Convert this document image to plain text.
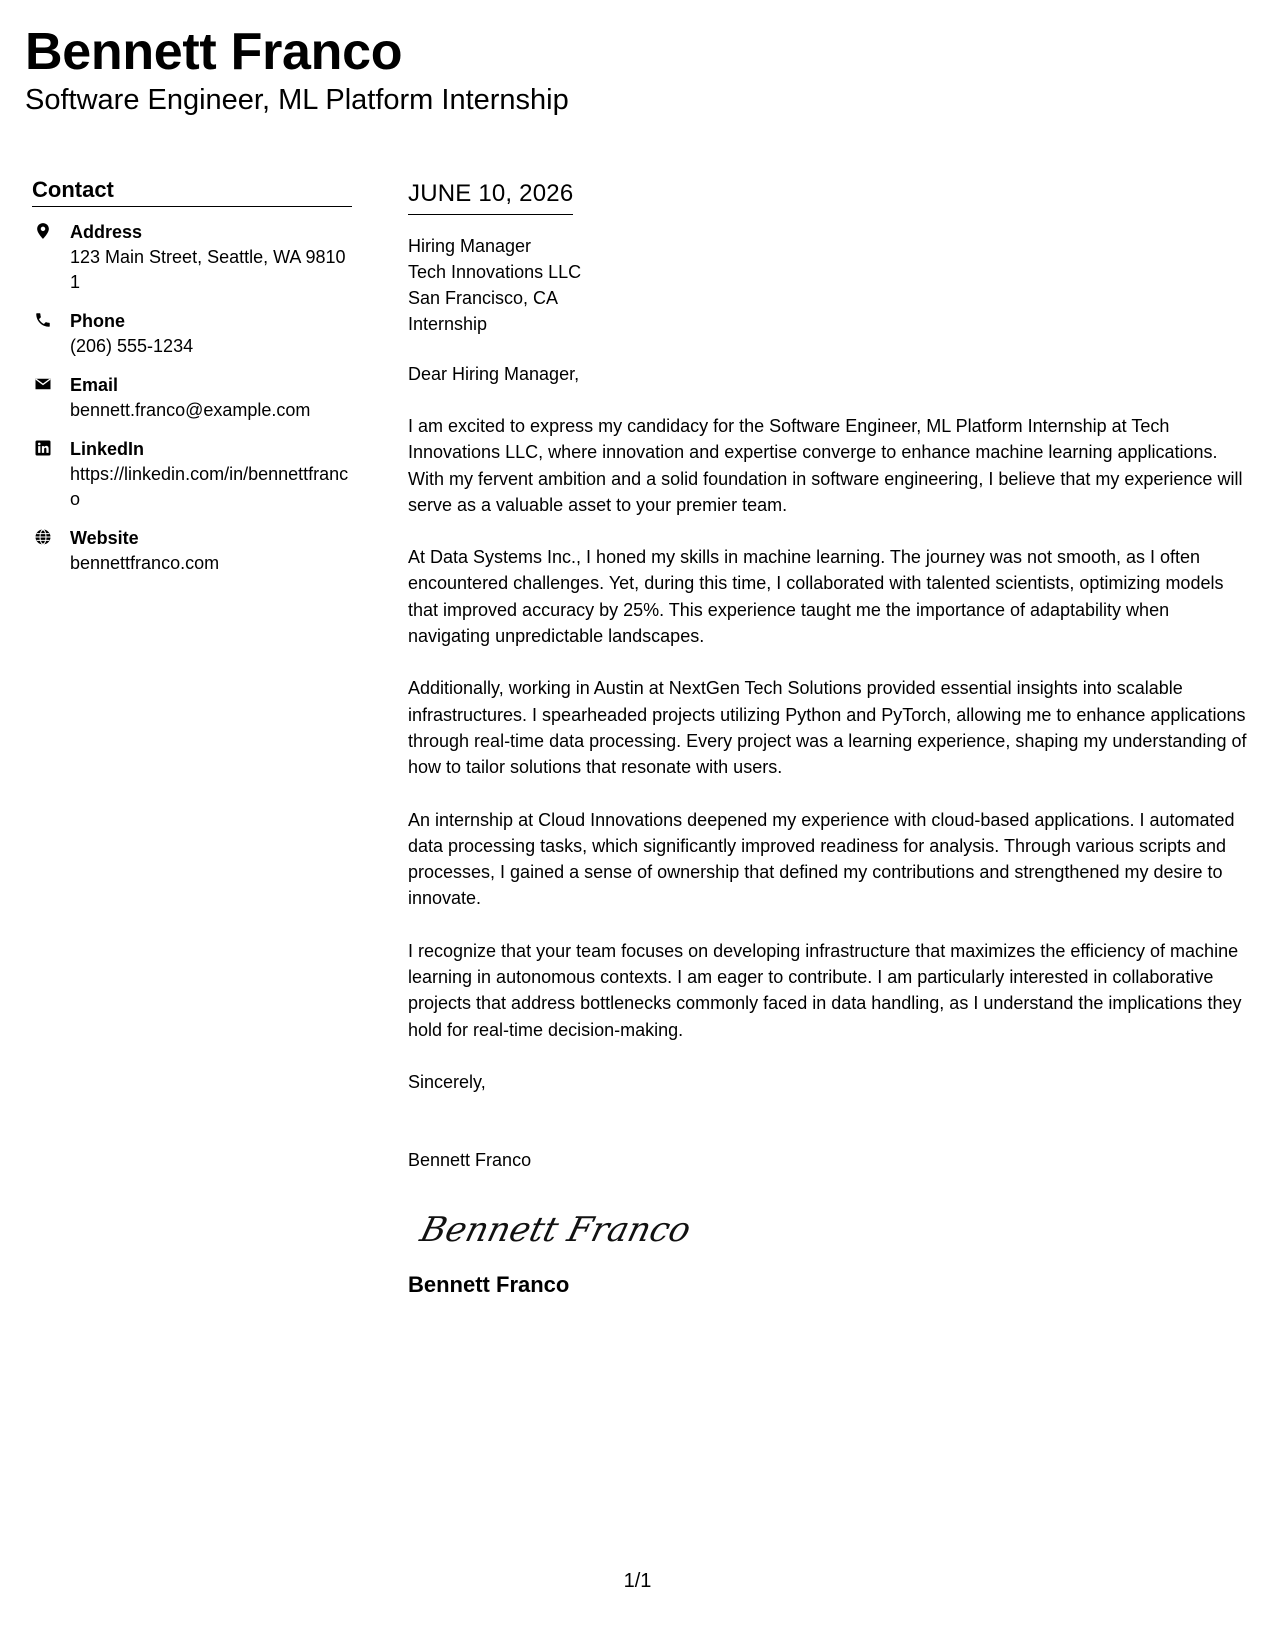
Bennett Franco
Software Engineer, ML Platform Internship
Contact
Address
123 Main Street, Seattle, WA 98101
Phone
(206) 555-1234
Email
bennett.franco@example.com
LinkedIn
https://linkedin.com/in/bennettfranco
Website
bennettfranco.com
JUNE 10, 2026
Hiring Manager
Tech Innovations LLC
San Francisco, CA
Internship
Dear Hiring Manager,

I am excited to express my candidacy for the Software Engineer, ML Platform Internship at Tech Innovations LLC, where innovation and expertise converge to enhance machine learning applications. With my fervent ambition and a solid foundation in software engineering, I believe that my experience will serve as a valuable asset to your premier team.

At Data Systems Inc., I honed my skills in machine learning. The journey was not smooth, as I often encountered challenges. Yet, during this time, I collaborated with talented scientists, optimizing models that improved accuracy by 25%. This experience taught me the importance of adaptability when navigating unpredictable landscapes.

Additionally, working in Austin at NextGen Tech Solutions provided essential insights into scalable infrastructures. I spearheaded projects utilizing Python and PyTorch, allowing me to enhance applications through real-time data processing. Every project was a learning experience, shaping my understanding of how to tailor solutions that resonate with users.

An internship at Cloud Innovations deepened my experience with cloud-based applications. I automated data processing tasks, which significantly improved readiness for analysis. Through various scripts and processes, I gained a sense of ownership that defined my contributions and strengthened my desire to innovate.

I recognize that your team focuses on developing infrastructure that maximizes the efficiency of machine learning in autonomous contexts. I am eager to contribute. I am particularly interested in collaborative projects that address bottlenecks commonly faced in data handling, as I understand the implications they hold for real-time decision-making.

Sincerely,
Bennett Franco
Bennett Franco
Bennett Franco
1/1
